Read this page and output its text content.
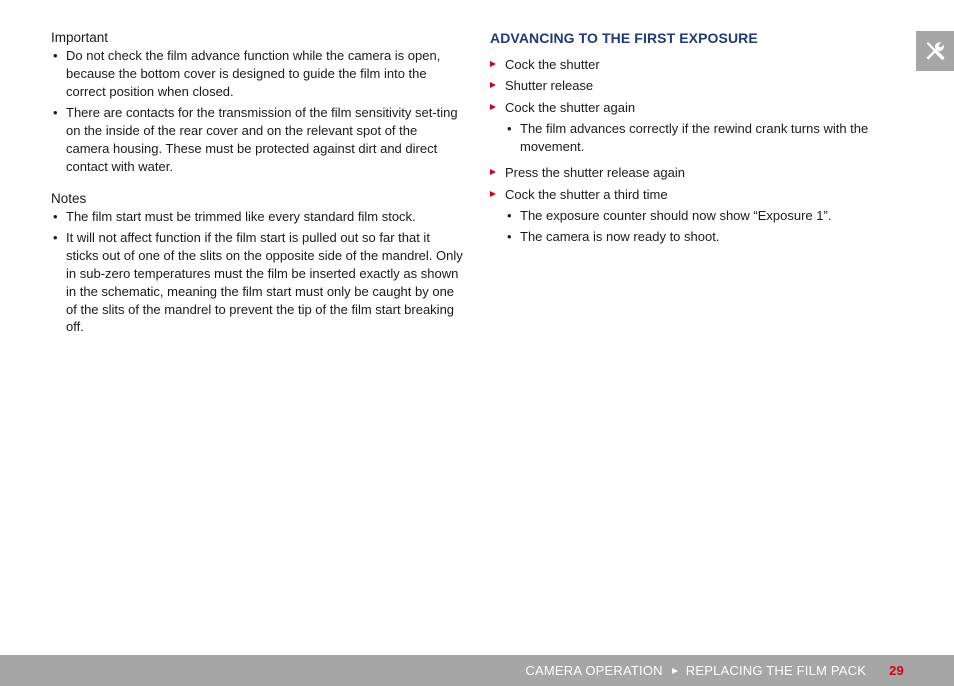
Important
• Do not check the film advance function while the camera is open, because the bottom cover is designed to guide the film into the correct position when closed.
• There are contacts for the transmission of the film sensitivity set-ting on the inside of the rear cover and on the relevant spot of the camera housing. These must be protected against dirt and direct contact with water.
Notes
• The film start must be trimmed like every standard film stock.
• It will not affect function if the film start is pulled out so far that it sticks out of one of the slits on the opposite side of the mandrel. Only in sub-zero temperatures must the film be inserted exactly as shown in the schematic, meaning the film start must only be caught by one of the slits of the mandrel to prevent the tip of the film start breaking off.
ADVANCING TO THE FIRST EXPOSURE
Cock the shutter
Shutter release
Cock the shutter again
• The film advances correctly if the rewind crank turns with the movement.
Press the shutter release again
Cock the shutter a third time
• The exposure counter should now show “Exposure 1”.
• The camera is now ready to shoot.
CAMERA OPERATION REPLACING THE FILM PACK 29
